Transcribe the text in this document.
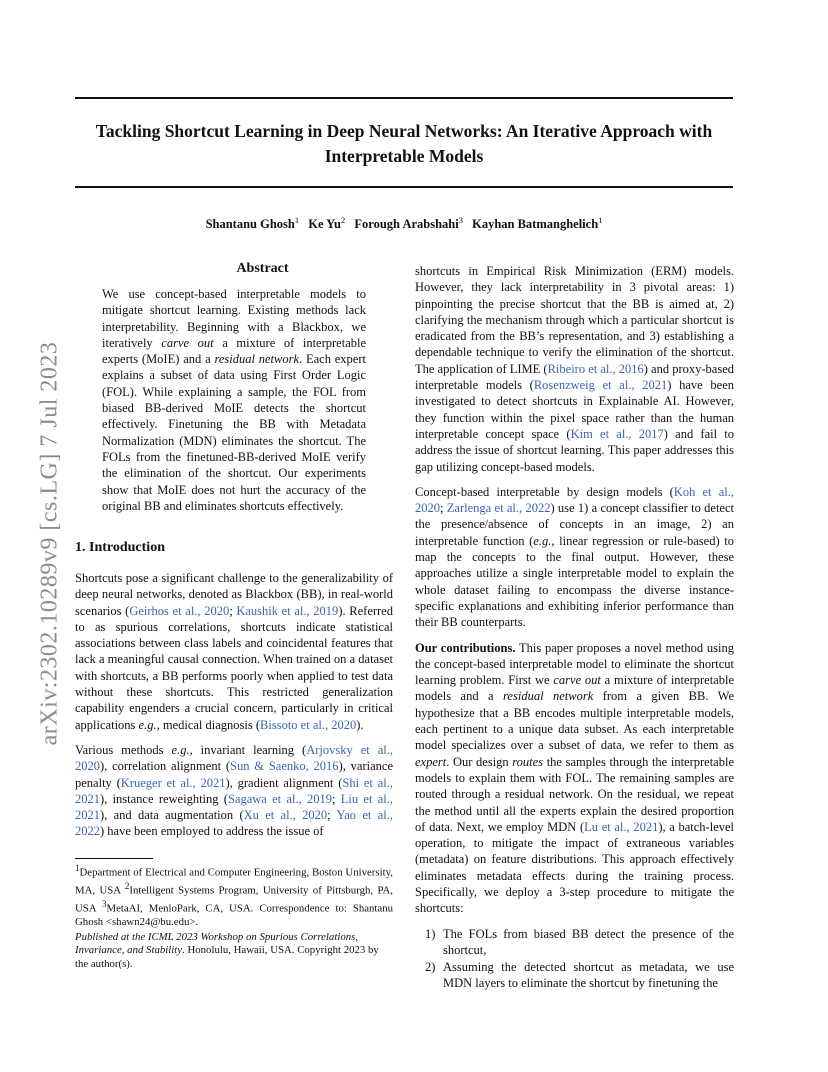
Tackling Shortcut Learning in Deep Neural Networks: An Iterative Approach with Interpretable Models
Shantanu Ghosh$^1$ Ke Yu$^2$ Forough Arabshahi$^3$ Kayhan Batmanghelich$^1$
arXiv:2302.10289v9 [cs.LG] 7 Jul 2023
Abstract
We use concept-based interpretable models to mitigate shortcut learning. Existing methods lack interpretability. Beginning with a Blackbox, we iteratively carve out a mixture of interpretable experts (MoIE) and a residual network. Each expert explains a subset of data using First Order Logic (FOL). While explaining a sample, the FOL from biased BB-derived MoIE detects the shortcut effectively. Finetuning the BB with Metadata Normalization (MDN) eliminates the shortcut. The FOLs from the finetuned-BB-derived MoIE verify the elimination of the shortcut. Our experiments show that MoIE does not hurt the accuracy of the original BB and eliminates shortcuts effectively.
1. Introduction

Shortcuts pose a significant challenge to the generalizability of deep neural networks, denoted as Blackbox (BB), in real-world scenarios (Geirhos et al., 2020; Kaushik et al., 2019). Referred to as spurious correlations, shortcuts indicate statistical associations between class labels and coincidental features that lack a meaningful causal connection. When trained on a dataset with shortcuts, a BB performs poorly when applied to test data without these shortcuts. This restricted generalization capability engenders a crucial concern, particularly in critical applications e.g., medical diagnosis (Bissoto et al., 2020).

Various methods e.g., invariant learning (Arjovsky et al., 2020), correlation alignment (Sun & Saenko, 2016), variance penalty (Krueger et al., 2021), gradient alignment (Shi et al., 2021), instance reweighting (Sagawa et al., 2019; Liu et al., 2021), and data augmentation (Xu et al., 2020; Yao et al., 2022) have been employed to address the issue of

$^1$Department of Electrical and Computer Engineering, Boston University, MA, USA $^2$Intelligent Systems Program, University of Pittsburgh, PA, USA $^3$MetaAI, MenloPark, CA, USA. Correspondence to: Shantanu Ghosh <shawn24@bu.edu>.
Published at the ICML 2023 Workshop on Spurious Correlations, Invariance, and Stability. Honolulu, Hawaii, USA. Copyright 2023 by the author(s).

shortcuts in Empirical Risk Minimization (ERM) models. However, they lack interpretability in 3 pivotal areas: 1) pinpointing the precise shortcut that the BB is aimed at, 2) clarifying the mechanism through which a particular shortcut is eradicated from the BB’s representation, and 3) establishing a dependable technique to verify the elimination of the shortcut. The application of LIME (Ribeiro et al., 2016) and proxy-based interpretable models (Rosenzweig et al., 2021) have been investigated to detect shortcuts in Explainable AI. However, they function within the pixel space rather than the human interpretable concept space (Kim et al., 2017) and fail to address the issue of shortcut learning. This paper addresses this gap utilizing concept-based models.

Concept-based interpretable by design models (Koh et al., 2020; Zarlenga et al., 2022) use 1) a concept classifier to detect the presence/absence of concepts in an image, 2) an interpretable function (e.g., linear regression or rule-based) to map the concepts to the final output. However, these approaches utilize a single interpretable model to explain the whole dataset failing to encompass the diverse instance-specific explanations and exhibiting inferior performance than their BB counterparts.

Our contributions. This paper proposes a novel method using the concept-based interpretable model to eliminate the shortcut learning problem. First we carve out a mixture of interpretable models and a residual network from a given BB. We hypothesize that a BB encodes multiple interpretable models, each pertinent to a unique data subset. As each interpretable model specializes over a subset of data, we refer to them as expert. Our design routes the samples through the interpretable models to explain them with FOL. The remaining samples are routed through a residual network. On the residual, we repeat the method until all the experts explain the desired proportion of data. Next, we employ MDN (Lu et al., 2021), a batch-level operation, to mitigate the impact of extraneous variables (metadata) on feature distributions. This approach effectively eliminates metadata effects during the training process. Specifically, we deploy a 3-step procedure to mitigate the shortcuts:

1) The FOLs from biased BB detect the presence of the shortcut,
2) Assuming the detected shortcut as metadata, we use MDN layers to eliminate the shortcut by finetuning the
